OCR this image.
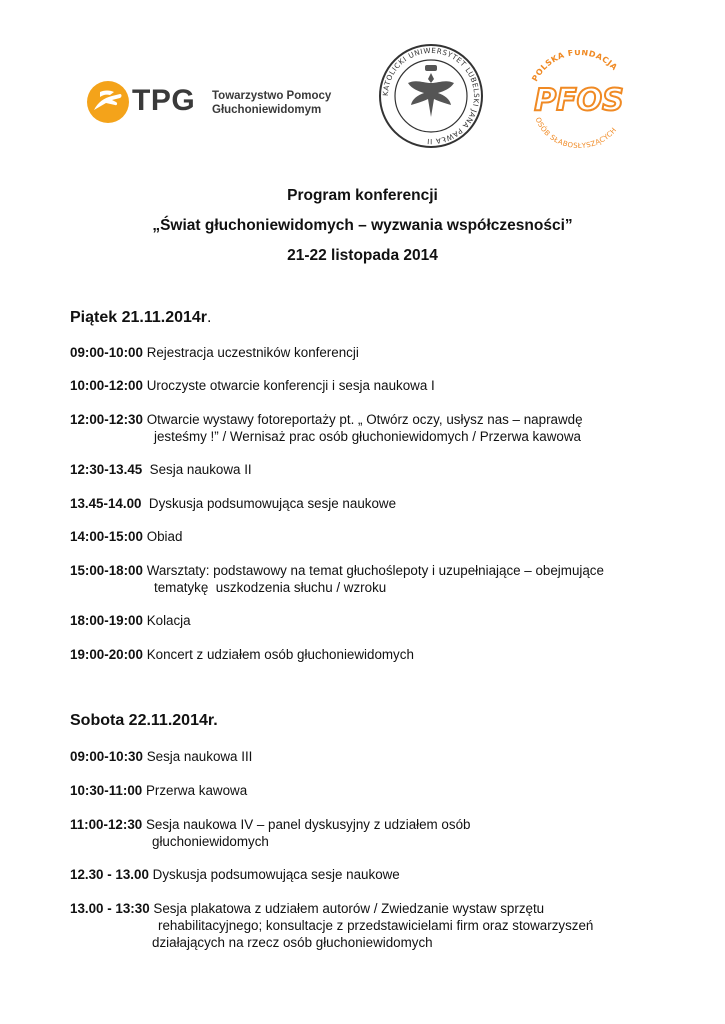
TPG Towarzystwo Pomocy
Głuchoniewidomym
KATOLICKI UNIWERSYTET LUBELSKI JANA PAWŁA II
POLSKA FUNDACJA
PFOS
OSÓB SŁABOSŁYSZĄCYCH
Program konferencji
„Świat głuchoniewidomych – wyzwania współczesności”
21-22 listopada 2014
Piątek 21.11.2014r.
09:00-10:00 Rejestracja uczestników konferencji
10:00-12:00 Uroczyste otwarcie konferencji i sesja naukowa I
12:00-12:30 Otwarcie wystawy fotoreportaży pt. „ Otwórz oczy, usłysz nas – naprawdę
jesteśmy !” / Wernisaż prac osób głuchoniewidomych / Przerwa kawowa
12:30-13.45  Sesja naukowa II
13.45-14.00  Dyskusja podsumowująca sesje naukowe
14:00-15:00 Obiad
15:00-18:00 Warsztaty: podstawowy na temat głuchoślepoty i uzupełniające – obejmujące
tematykę  uszkodzenia słuchu / wzroku
18:00-19:00 Kolacja
19:00-20:00 Koncert z udziałem osób głuchoniewidomych
Sobota 22.11.2014r.
09:00-10:30 Sesja naukowa III
10:30-11:00 Przerwa kawowa
11:00-12:30 Sesja naukowa IV – panel dyskusyjny z udziałem osób
głuchoniewidomych
12.30 - 13.00 Dyskusja podsumowująca sesje naukowe
13.00 - 13:30 Sesja plakatowa z udziałem autorów / Zwiedzanie wystaw sprzętu
rehabilitacyjnego; konsultacje z przedstawicielami firm oraz stowarzyszeń
działających na rzecz osób głuchoniewidomych
